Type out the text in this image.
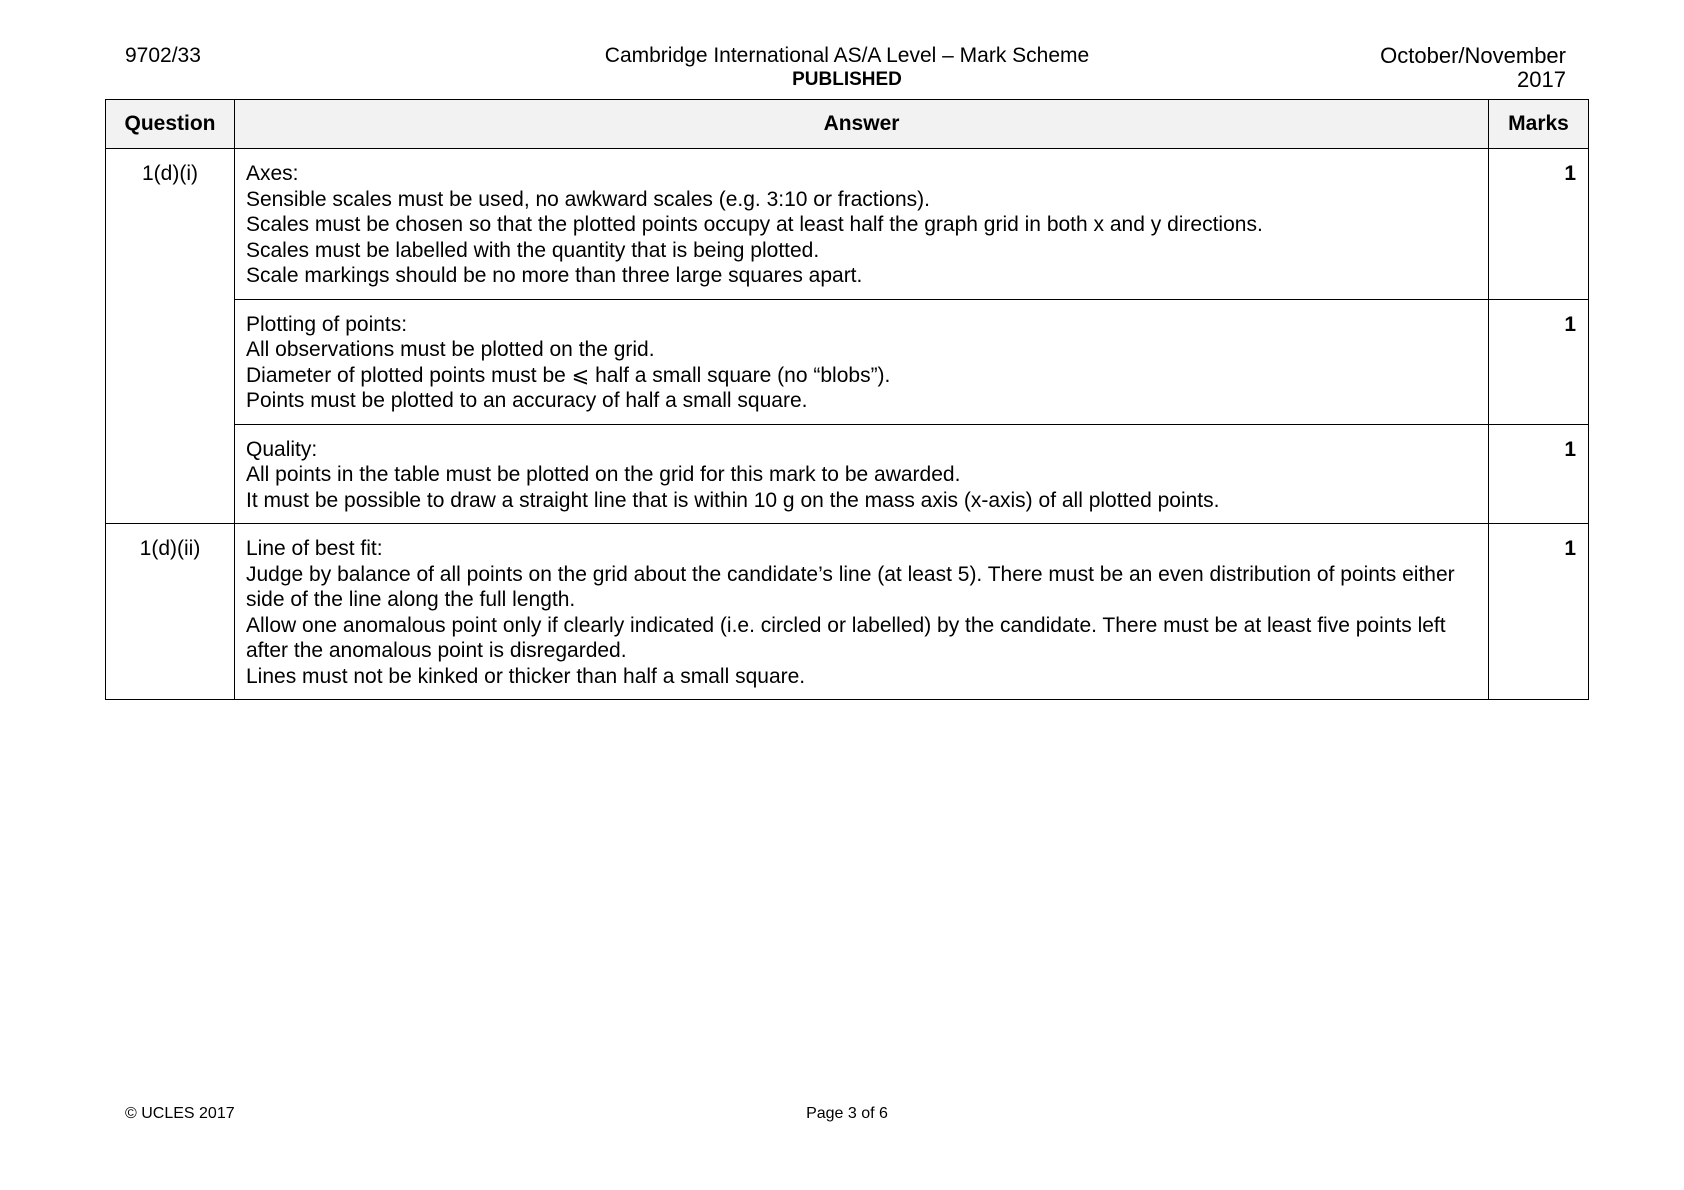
9702/33	Cambridge International AS/A Level – Mark Scheme
PUBLISHED
October/November
2017
Question	Answer	Marks
1(d)(i)	Axes:
Sensible scales must be used, no awkward scales (e.g. 3:10 or fractions).
Scales must be chosen so that the plotted points occupy at least half the graph grid in both x and y directions.
Scales must be labelled with the quantity that is being plotted.
Scale markings should be no more than three large squares apart.	1

	Plotting of points:
All observations must be plotted on the grid.
Diameter of plotted points must be ⩽ half a small square (no “blobs”).
Points must be plotted to an accuracy of half a small square.	1

	Quality:
All points in the table must be plotted on the grid for this mark to be awarded.
It must be possible to draw a straight line that is within 10 g on the mass axis (x-axis) of all plotted points.	1
1(d)(ii)	Line of best fit:
Judge by balance of all points on the grid about the candidate’s line (at least 5). There must be an even distribution of points either side of the line along the full length.
Allow one anomalous point only if clearly indicated (i.e. circled or labelled) by the candidate. There must be at least five points left after the anomalous point is disregarded.
Lines must not be kinked or thicker than half a small square.	1
© UCLES 2017	Page 3 of 6
